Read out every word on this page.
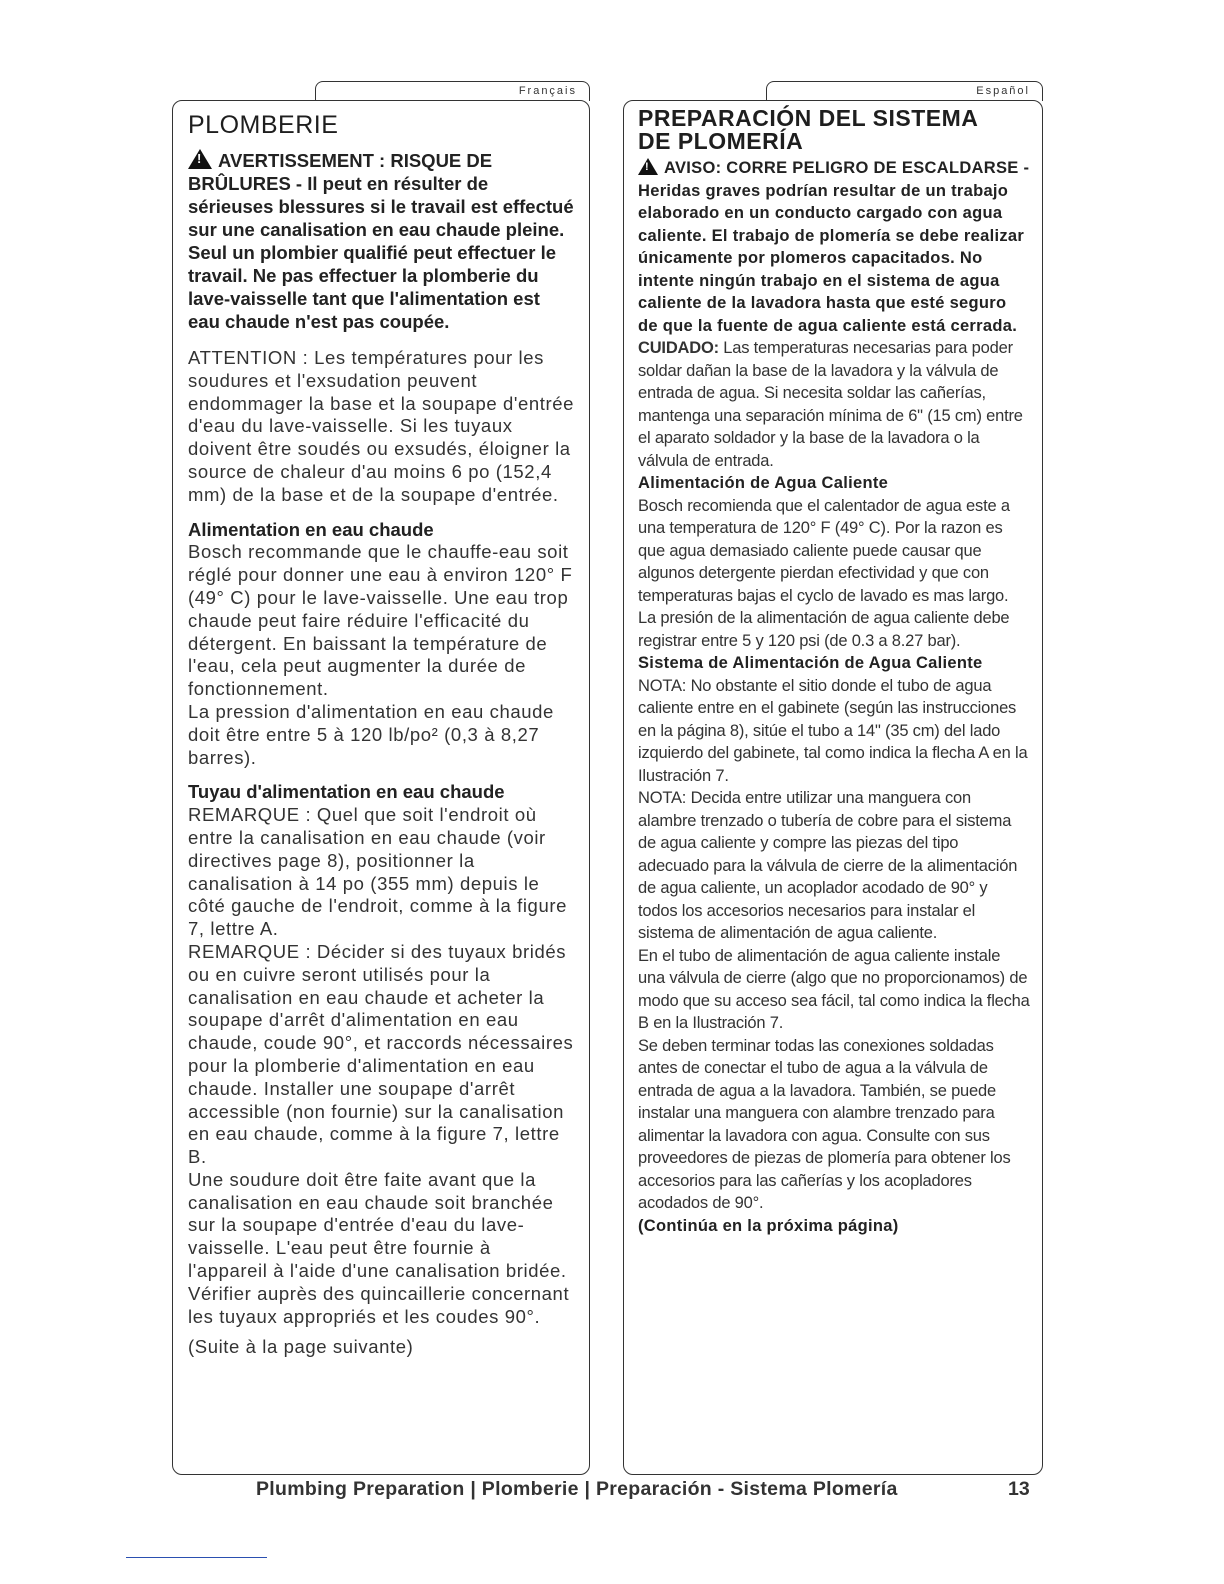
Français
PLOMBERIE

!AVERTISSEMENT : RISQUE DE BRÛLURES - Il peut en résulter de sérieuses blessures si le travail est effectué sur une canalisation en eau chaude pleine. Seul un plombier qualifié peut effectuer le travail. Ne pas effectuer la plomberie du lave-vaisselle tant que l'alimentation est eau chaude n'est pas coupée.

ATTENTION : Les températures pour les soudures et l'exsudation peuvent endommager la base et la soupape d'entrée d'eau du lave-vaisselle. Si les tuyaux doivent être soudés ou exsudés, éloigner la source de chaleur d'au moins 6 po (152,4 mm) de la base et de la soupape d'entrée.

Alimentation en eau chaude

Bosch recommande que le chauffe-eau soit réglé pour donner une eau à environ 120° F (49° C) pour le lave-vaisselle. Une eau trop chaude peut faire réduire l'efficacité du détergent. En baissant la température de l'eau, cela peut augmenter la durée de fonctionnement.

La pression d'alimentation en eau chaude doit être entre 5 à 120 lb/po² (0,3 à 8,27 barres).

Tuyau d'alimentation en eau chaude

REMARQUE : Quel que soit l'endroit où entre la canalisation en eau chaude (voir directives page 8), positionner la canalisation à 14 po (355 mm) depuis le côté gauche de l'endroit, comme à la figure 7, lettre A.

REMARQUE : Décider si des tuyaux bridés ou en cuivre seront utilisés pour la canalisation en eau chaude et acheter la soupape d'arrêt d'alimentation en eau chaude, coude 90°, et raccords nécessaires pour la plomberie d'alimentation en eau chaude. Installer une soupape d'arrêt accessible (non fournie) sur la canalisation en eau chaude, comme à la figure 7, lettre B.

Une soudure doit être faite avant que la canalisation en eau chaude soit branchée sur la soupape d'entrée d'eau du lave-vaisselle. L'eau peut être fournie à l'appareil à l'aide d'une canalisation bridée. Vérifier auprès des quincaillerie concernant les tuyaux appropriés et les coudes 90°.

(Suite à la page suivante)

Español
PREPARACIÓN DEL SISTEMA
DE PLOMERÍA

!AVISO: CORRE PELIGRO DE ESCALDARSE - Heridas graves podrían resultar de un trabajo elaborado en un conducto cargado con agua caliente. El trabajo de plomería se debe realizar únicamente por plomeros capacitados. No intente ningún trabajo en el sistema de agua caliente de la lavadora hasta que esté seguro de que la fuente de agua caliente está cerrada.

CUIDADO: Las temperaturas necesarias para poder soldar dañan la base de la lavadora y la válvula de entrada de agua. Si necesita soldar las cañerías, mantenga una separación mínima de 6" (15 cm) entre el aparato soldador y la base de la lavadora o la válvula de entrada.

Alimentación de Agua Caliente

Bosch recomienda que el calentador de agua este a una temperatura de 120° F (49° C). Por la razon es que agua demasiado caliente puede causar que algunos detergente pierdan efectividad y que con temperaturas bajas el cyclo de lavado es mas largo.

La presión de la alimentación de agua caliente debe registrar entre 5 y 120 psi (de 0.3 a 8.27 bar).

Sistema de Alimentación de Agua Caliente

NOTA: No obstante el sitio donde el tubo de agua caliente entre en el gabinete (según las instrucciones en la página 8), sitúe el tubo a 14" (35 cm) del lado izquierdo del gabinete, tal como indica la flecha A en la Ilustración 7.

NOTA: Decida entre utilizar una manguera con alambre trenzado o tubería de cobre para el sistema de agua caliente y compre las piezas del tipo adecuado para la válvula de cierre de la alimentación de agua caliente, un acoplador acodado de 90° y todos los accesorios necesarios para instalar el sistema de alimentación de agua caliente.

En el tubo de alimentación de agua caliente instale una válvula de cierre (algo que no proporcionamos) de modo que su acceso sea fácil, tal como indica la flecha B en la Ilustración 7.

Se deben terminar todas las conexiones soldadas antes de conectar el tubo de agua a la válvula de entrada de agua a la lavadora. También, se puede instalar una manguera con alambre trenzado para alimentar la lavadora con agua. Consulte con sus proveedores de piezas de plomería para obtener los accesorios para las cañerías y los acopladores acodados de 90°.

(Continúa en la próxima página)

Plumbing Preparation | Plomberie | Preparación - Sistema Plomería	13
